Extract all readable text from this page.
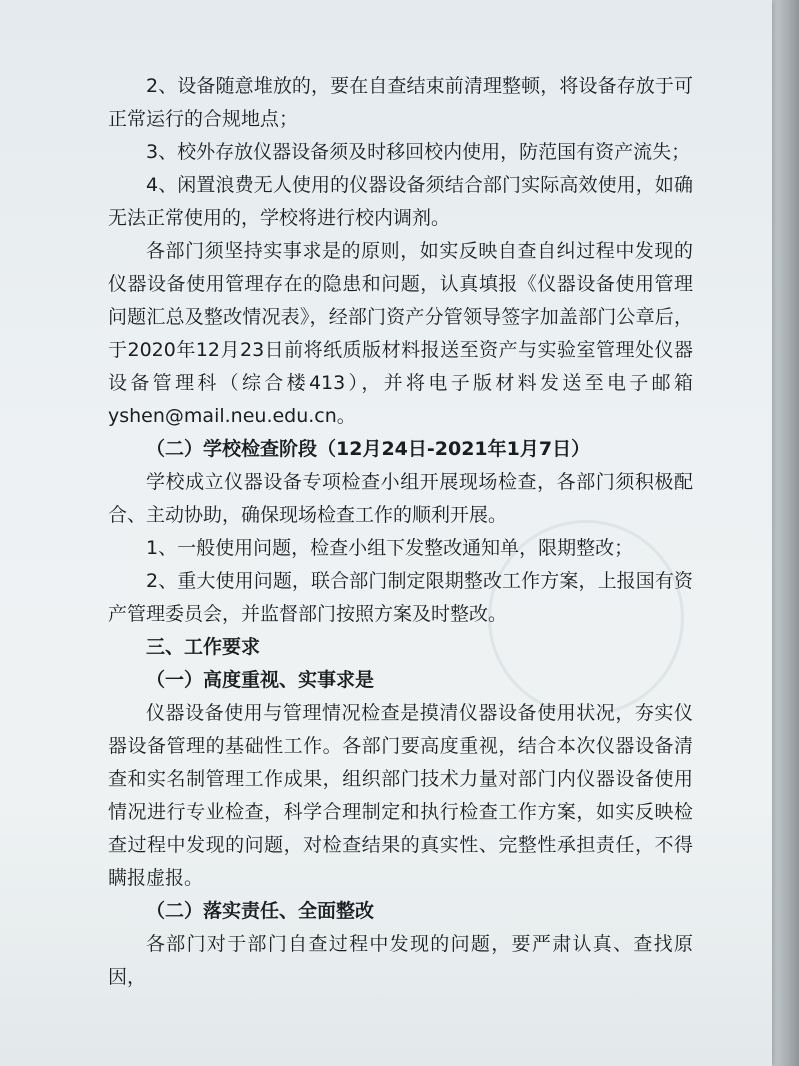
2、设备随意堆放的，要在自查结束前清理整顿，将设备存放于可正常运行的合规地点；

3、校外存放仪器设备须及时移回校内使用，防范国有资产流失；

4、闲置浪费无人使用的仪器设备须结合部门实际高效使用，如确无法正常使用的，学校将进行校内调剂。

各部门须坚持实事求是的原则，如实反映自查自纠过程中发现的仪器设备使用管理存在的隐患和问题，认真填报《仪器设备使用管理问题汇总及整改情况表》，经部门资产分管领导签字加盖部门公章后，于2020年12月23日前将纸质版材料报送至资产与实验室管理处仪器设备管理科（综合楼413），并将电子版材料发送至电子邮箱yshen@mail.neu.edu.cn。

（二）学校检查阶段（12月24日-2021年1月7日）

学校成立仪器设备专项检查小组开展现场检查，各部门须积极配合、主动协助，确保现场检查工作的顺利开展。

1、一般使用问题，检查小组下发整改通知单，限期整改；

2、重大使用问题，联合部门制定限期整改工作方案，上报国有资产管理委员会，并监督部门按照方案及时整改。

三、工作要求

（一）高度重视、实事求是

仪器设备使用与管理情况检查是摸清仪器设备使用状况，夯实仪器设备管理的基础性工作。各部门要高度重视，结合本次仪器设备清查和实名制管理工作成果，组织部门技术力量对部门内仪器设备使用情况进行专业检查，科学合理制定和执行检查工作方案，如实反映检查过程中发现的问题，对检查结果的真实性、完整性承担责任，不得瞒报虚报。

（二）落实责任、全面整改

各部门对于部门自查过程中发现的问题，要严肃认真、查找原因，
